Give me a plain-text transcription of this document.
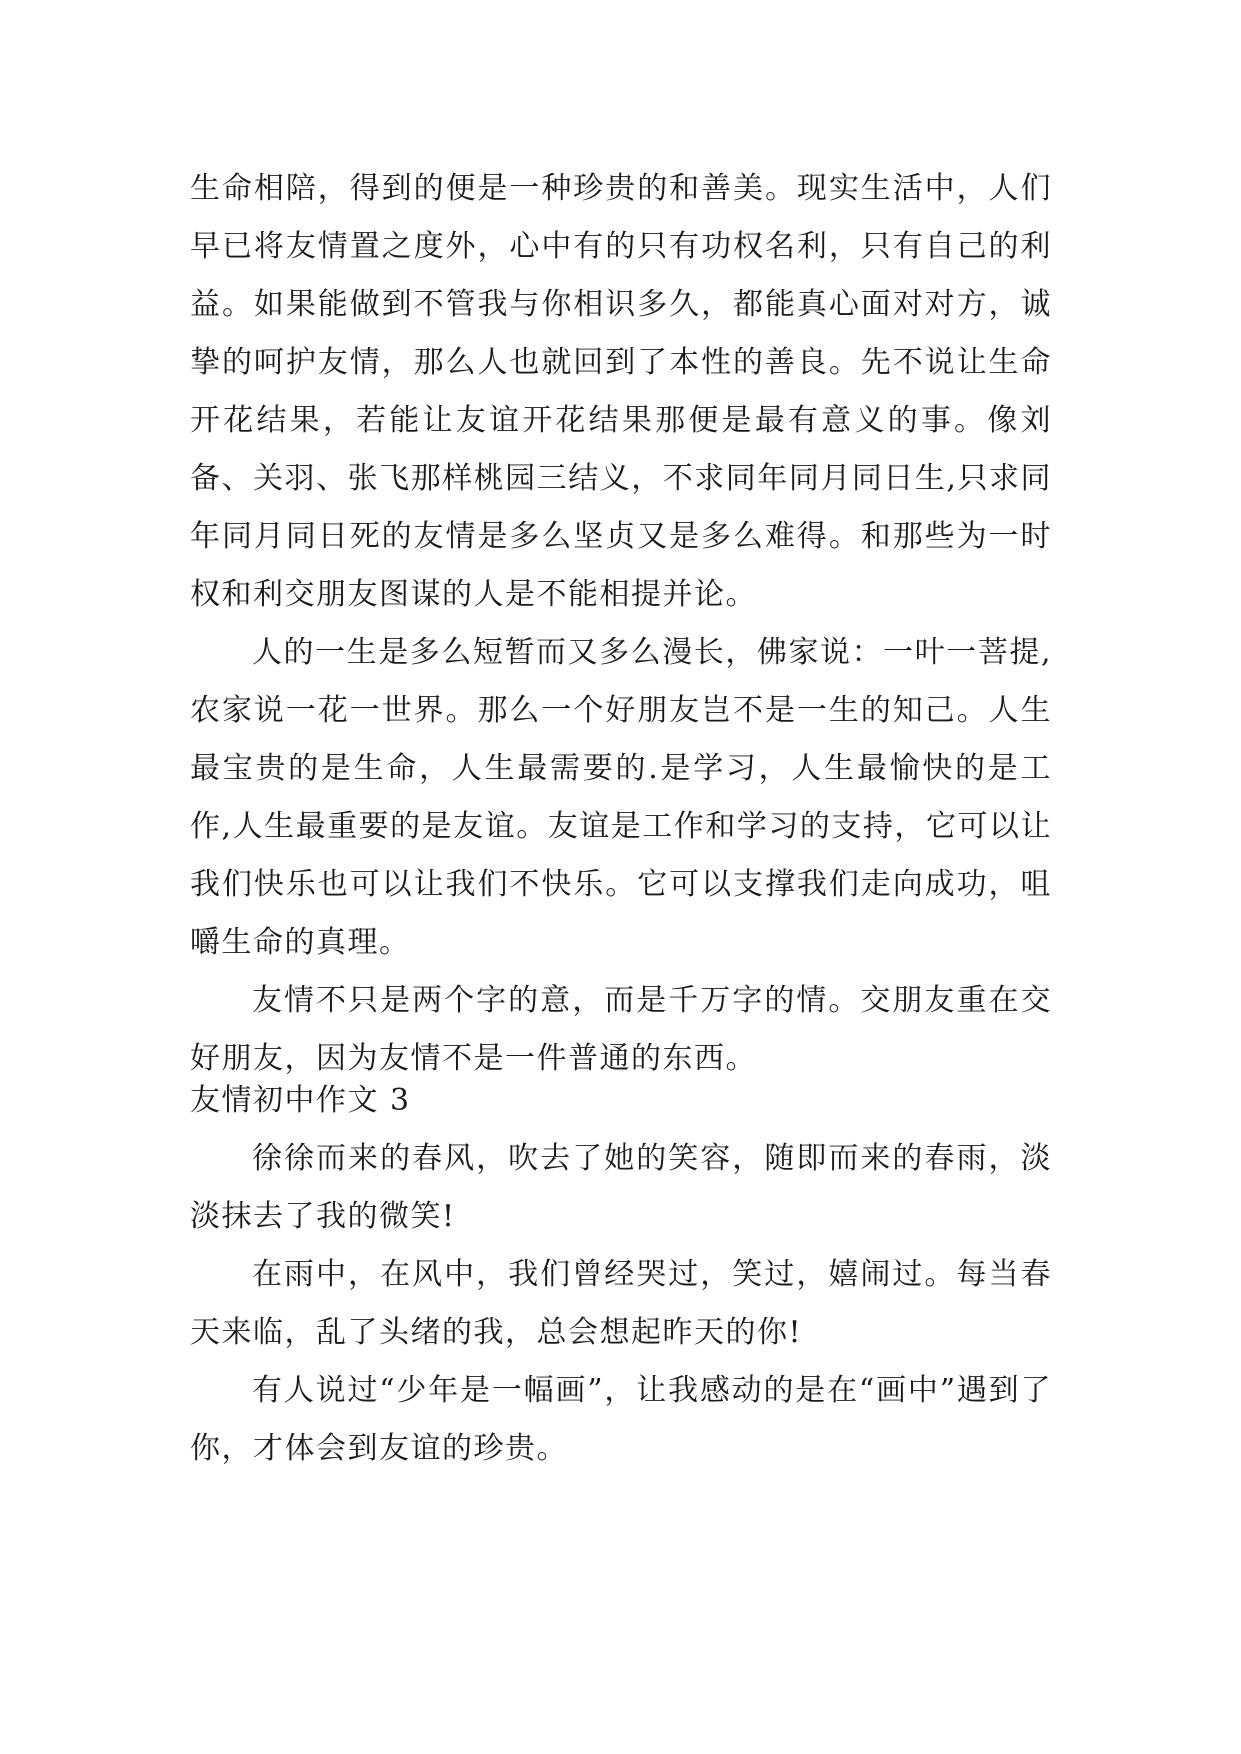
生命相陪，得到的便是一种珍贵的和善美。现实生活中，人们早已将友情置之度外，心中有的只有功权名利，只有自己的利益。如果能做到不管我与你相识多久，都能真心面对对方，诚挚的呵护友情，那么人也就回到了本性的善良。先不说让生命开花结果，若能让友谊开花结果那便是最有意义的事。像刘备、关羽、张飞那样桃园三结义，不求同年同月同日生,只求同年同月同日死的友情是多么坚贞又是多么难得。和那些为一时权和利交朋友图谋的人是不能相提并论。

人的一生是多么短暂而又多么漫长，佛家说：一叶一菩提,农家说一花一世界。那么一个好朋友岂不是一生的知己。人生最宝贵的是生命，人生最需要的.是学习，人生最愉快的是工作,人生最重要的是友谊。友谊是工作和学习的支持，它可以让我们快乐也可以让我们不快乐。它可以支撑我们走向成功，咀嚼生命的真理。

友情不只是两个字的意，而是千万字的情。交朋友重在交好朋友，因为友情不是一件普通的东西。

友情初中作文 3

徐徐而来的春风，吹去了她的笑容，随即而来的春雨，淡淡抹去了我的微笑!

在雨中，在风中，我们曾经哭过，笑过，嬉闹过。每当春天来临，乱了头绪的我，总会想起昨天的你!

有人说过“少年是一幅画”，让我感动的是在“画中”遇到了你，才体会到友谊的珍贵。
